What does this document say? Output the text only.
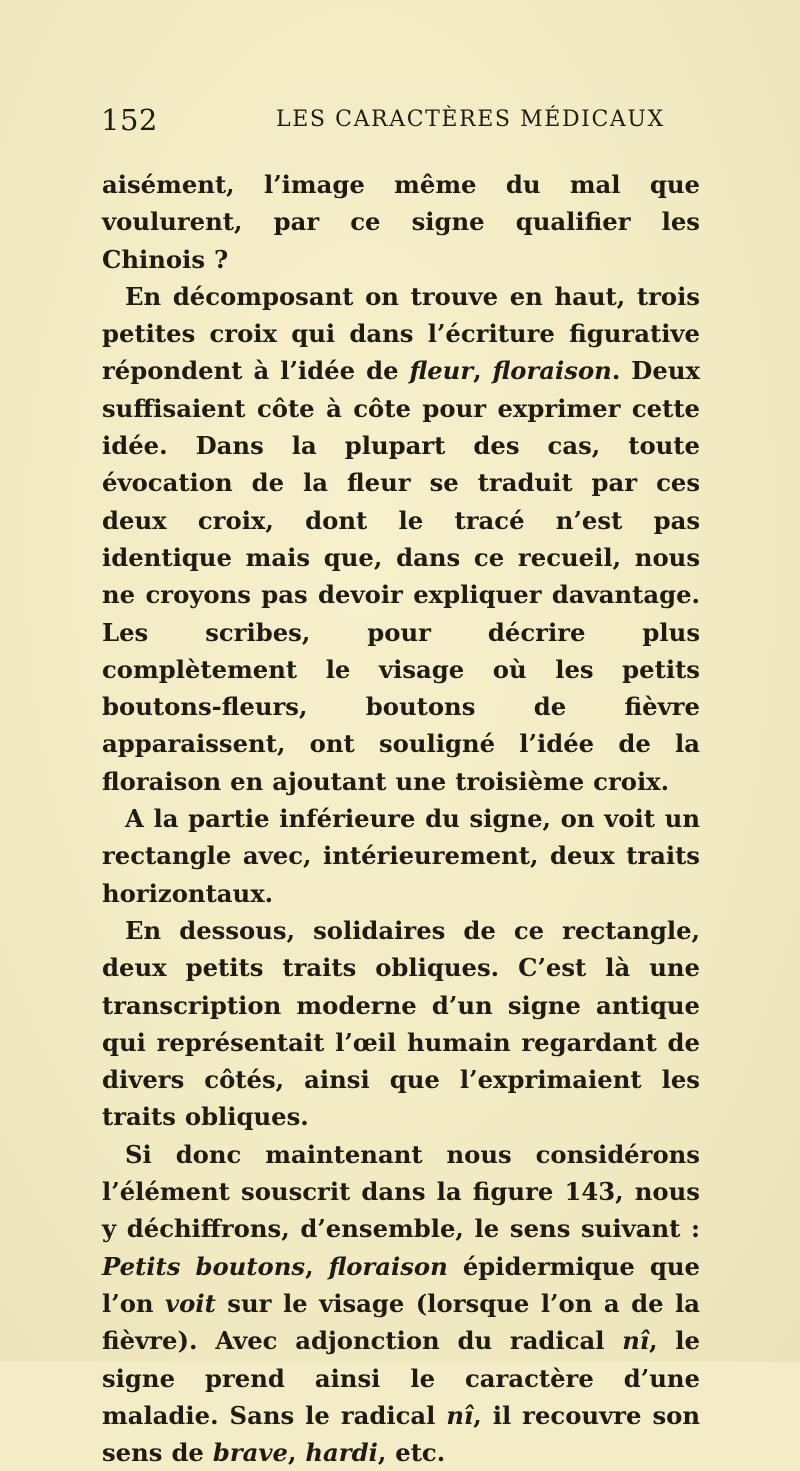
152	LES CARACTÈRES MÉDICAUX

aisément, l’image même du mal que voulurent, par ce signe qualifier les Chinois ?

En décomposant on trouve en haut, trois petites croix qui dans l’écriture figurative répondent à l’idée de fleur, floraison. Deux suffisaient côte à côte pour exprimer cette idée. Dans la plupart des cas, toute évocation de la fleur se traduit par ces deux croix, dont le tracé n’est pas identique mais que, dans ce recueil, nous ne croyons pas devoir expliquer davantage. Les scribes, pour décrire plus complètement le visage où les petits boutons-fleurs, boutons de fièvre apparaissent, ont souligné l’idée de la floraison en ajoutant une troisième croix.

A la partie inférieure du signe, on voit un rectangle avec, intérieurement, deux traits horizontaux.

En dessous, solidaires de ce rectangle, deux petits traits obliques. C’est là une transcription moderne d’un signe antique qui représentait l’œil humain regardant de divers côtés, ainsi que l’exprimaient les traits obliques.

Si donc maintenant nous considérons l’élément souscrit dans la figure 143, nous y déchiffrons, d’ensemble, le sens suivant : Petits boutons, floraison épidermique que l’on voit sur le visage (lorsque l’on a de la fièvre). Avec adjonction du radical nî, le signe prend ainsi le caractère d’une maladie. Sans le radical nî, il recouvre son sens de brave, hardi, etc.
